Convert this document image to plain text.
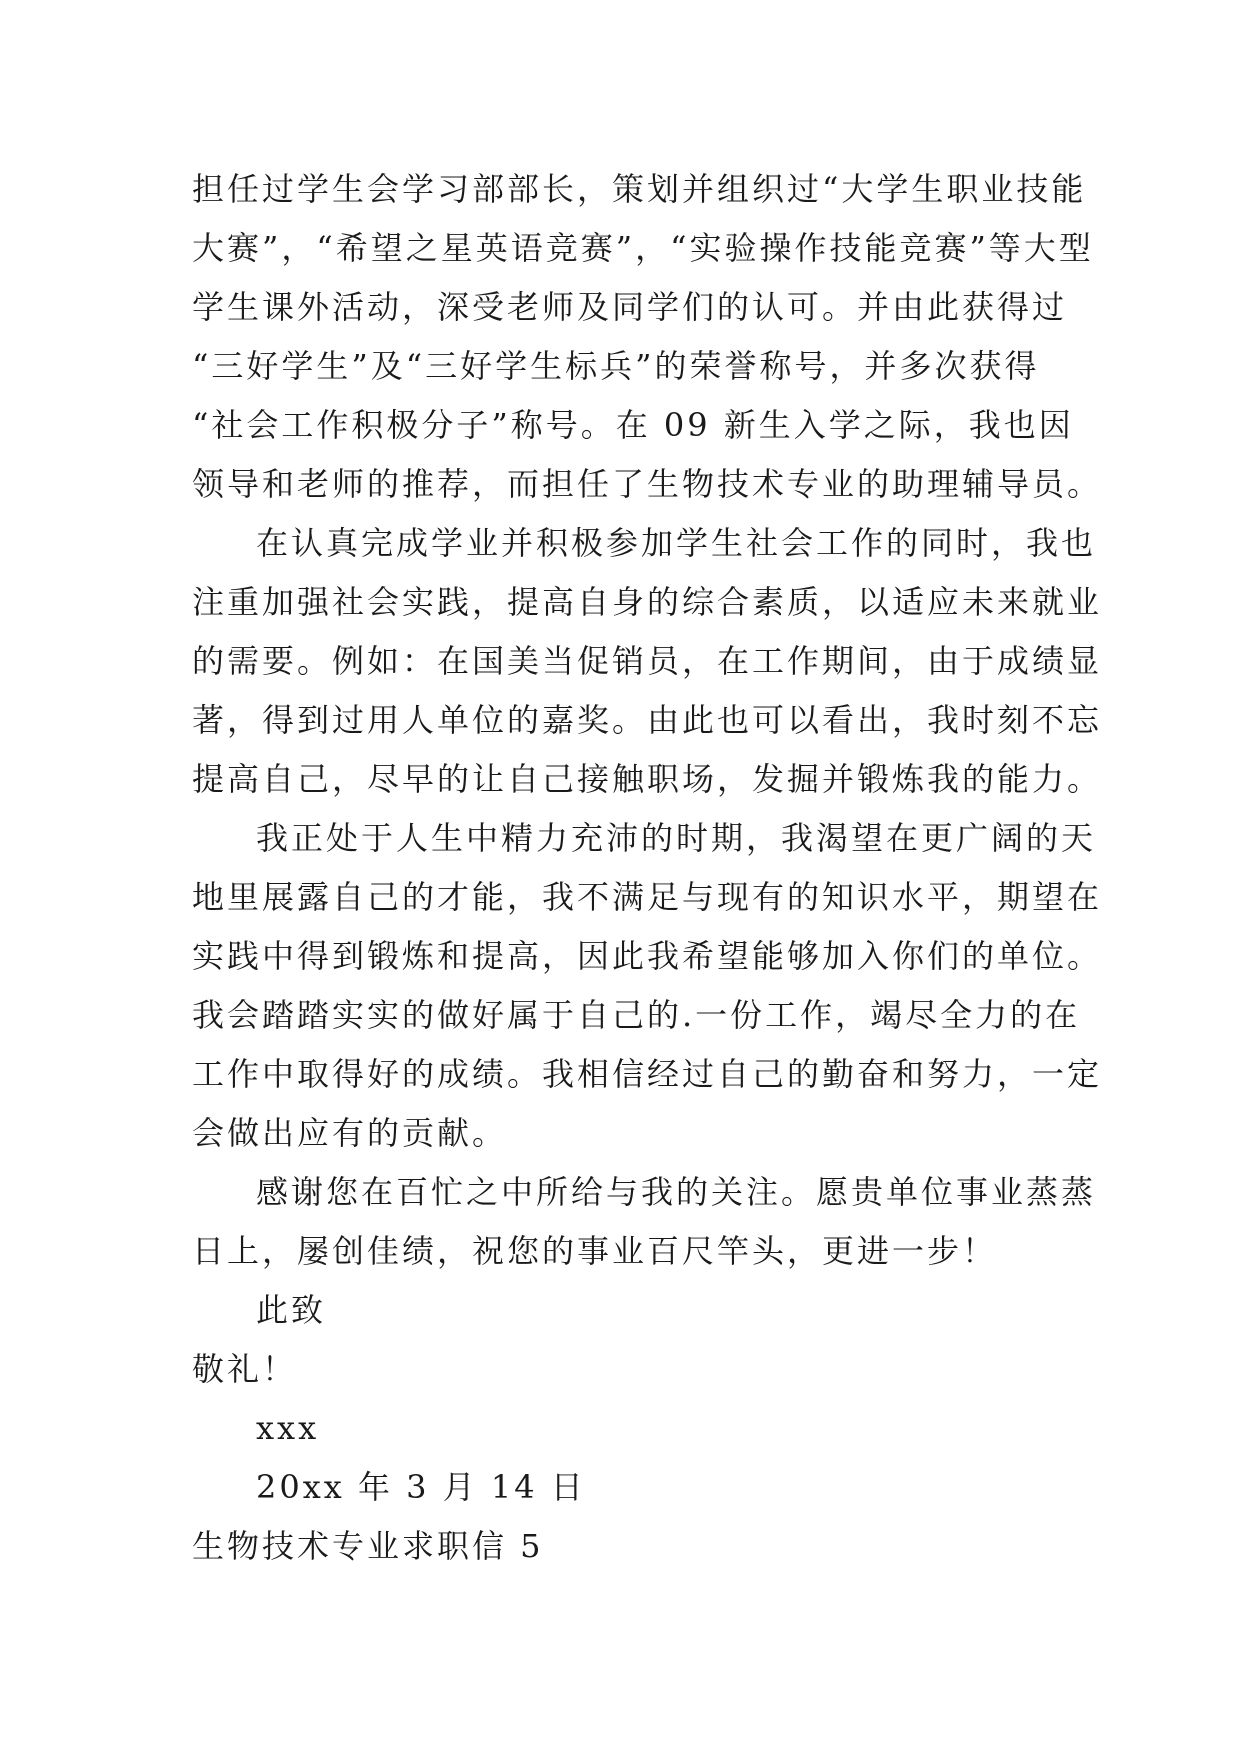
担任过学生会学习部部长，策划并组织过“大学生职业技能
大赛”，“希望之星英语竞赛”，“实验操作技能竞赛”等大型
学生课外活动，深受老师及同学们的认可。并由此获得过
“三好学生”及“三好学生标兵”的荣誉称号，并多次获得
“社会工作积极分子”称号。在 09 新生入学之际，我也因
领导和老师的推荐，而担任了生物技术专业的助理辅导员。
在认真完成学业并积极参加学生社会工作的同时，我也
注重加强社会实践，提高自身的综合素质，以适应未来就业
的需要。例如：在国美当促销员，在工作期间，由于成绩显
著，得到过用人单位的嘉奖。由此也可以看出，我时刻不忘
提高自己，尽早的让自己接触职场，发掘并锻炼我的能力。
我正处于人生中精力充沛的时期，我渴望在更广阔的天
地里展露自己的才能，我不满足与现有的知识水平，期望在
实践中得到锻炼和提高，因此我希望能够加入你们的单位。
我会踏踏实实的做好属于自己的.一份工作，竭尽全力的在
工作中取得好的成绩。我相信经过自己的勤奋和努力，一定
会做出应有的贡献。
感谢您在百忙之中所给与我的关注。愿贵单位事业蒸蒸
日上，屡创佳绩，祝您的事业百尺竿头，更进一步！
此致
敬礼！
xxx
20xx 年 3 月 14 日
生物技术专业求职信 5
